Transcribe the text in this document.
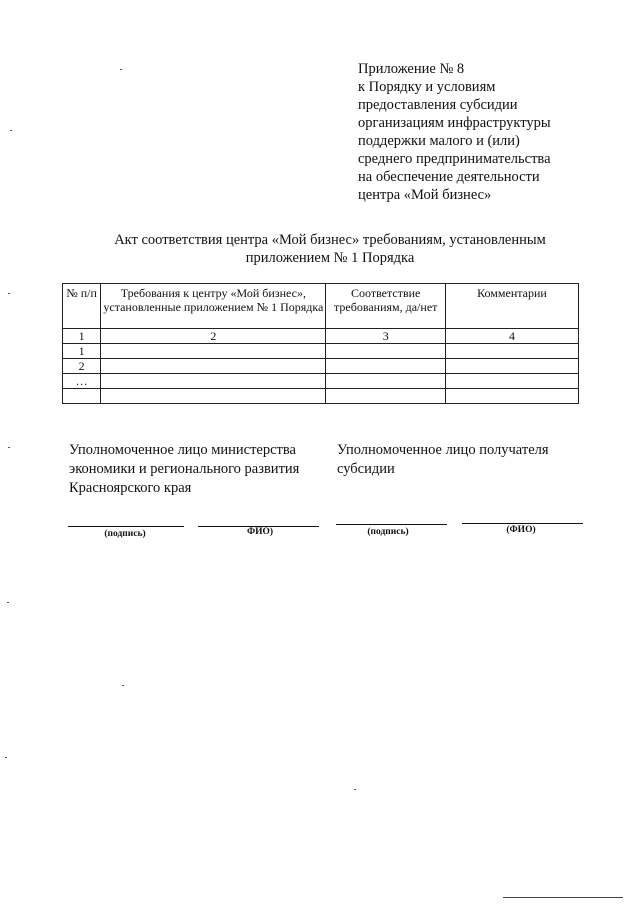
Приложение № 8
к Порядку и условиям
предоставления субсидии
организациям инфраструктуры
поддержки малого и (или)
среднего предпринимательства
на обеспечение деятельности
центра «Мой бизнес»
Акт соответствия центра «Мой бизнес» требованиям, установленным
приложением № 1 Порядка
№ п/п	Требования к центру «Мой бизнес», установленные приложением № 1 Порядка	Соответствие требованиям, да/нет	Комментарии
1	2	3	4
1			
2			
…			

Уполномоченное лицо министерства экономики и регионального развития Красноярского края
Уполномоченное лицо получателя субсидии
(подпись)	ФИО)	(подпись)	(ФИО)
